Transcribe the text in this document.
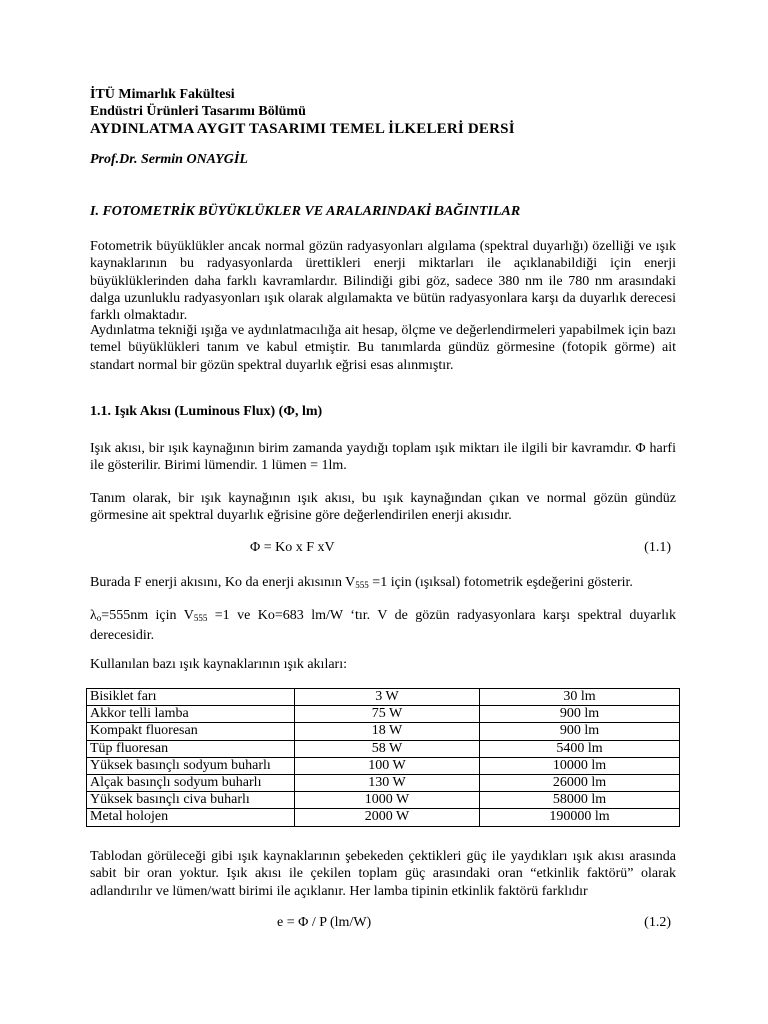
İTÜ Mimarlık Fakültesi
Endüstri Ürünleri Tasarımı Bölümü
AYDINLATMA AYGIT TASARIMI TEMEL İLKELERİ DERSİ
Prof.Dr. Sermin ONAYGİL
I. FOTOMETRİK BÜYÜKLÜKLER VE ARALARINDAKİ BAĞINTILAR
Fotometrik büyüklükler ancak normal gözün radyasyonları algılama (spektral duyarlığı) özelliği ve ışık kaynaklarının bu radyasyonlarda ürettikleri enerji miktarları ile açıklanabildiği için enerji büyüklüklerinden daha farklı kavramlardır. Bilindiği gibi göz, sadece 380 nm ile 780 nm arasındaki dalga uzunluklu radyasyonları ışık olarak algılamakta ve bütün radyasyonlara karşı da duyarlık derecesi farklı olmaktadır.
Aydınlatma tekniği ışığa ve aydınlatmacılığa ait hesap, ölçme ve değerlendirmeleri yapabilmek için bazı temel büyüklükleri tanım ve kabul etmiştir. Bu tanımlarda gündüz görmesine (fotopik görme) ait standart normal bir gözün spektral duyarlık eğrisi esas alınmıştır.
1.1. Işık Akısı (Luminous Flux) (Φ, lm)
Işık akısı, bir ışık kaynağının birim zamanda yaydığı toplam ışık miktarı ile ilgili bir kavramdır. Φ harfi ile gösterilir. Birimi lümendir. 1 lümen = 1lm.
Tanım olarak, bir ışık kaynağının ışık akısı, bu ışık kaynağından çıkan ve normal gözün gündüz görmesine ait spektral duyarlık eğrisine göre değerlendirilen enerji akısıdır.
Φ = Ko x F xV	(1.1)
Burada F enerji akısını, Ko da enerji akısının $V_{555} =1$ için (ışıksal) fotometrik eşdeğerini gösterir.
$\lambda_o=555nm$ için $V_{555} =1$ ve Ko=683 lm/W ‘tır. V de gözün radyasyonlara karşı spektral duyarlık derecesidir.
Kullanılan bazı ışık kaynaklarının ışık akıları:
Bisiklet farı	3 W	30 lm
Akkor telli lamba	75 W	900 lm
Kompakt fluoresan	18 W	900 lm
Tüp fluoresan	58 W	5400 lm
Yüksek basınçlı sodyum buharlı	100 W	10000 lm
Alçak basınçlı sodyum buharlı	130 W	26000 lm
Yüksek basınçlı civa buharlı	1000 W	58000 lm
Metal holojen	2000 W	190000 lm
Tablodan görüleceği gibi ışık kaynaklarının şebekeden çektikleri güç ile yaydıkları ışık akısı arasında sabit bir oran yoktur. Işık akısı ile çekilen toplam güç arasındaki oran “etkinlik faktörü” olarak adlandırılır ve lümen/watt birimi ile açıklanır. Her lamba tipinin etkinlik faktörü farklıdır
e = Φ / P (lm/W)	(1.2)
